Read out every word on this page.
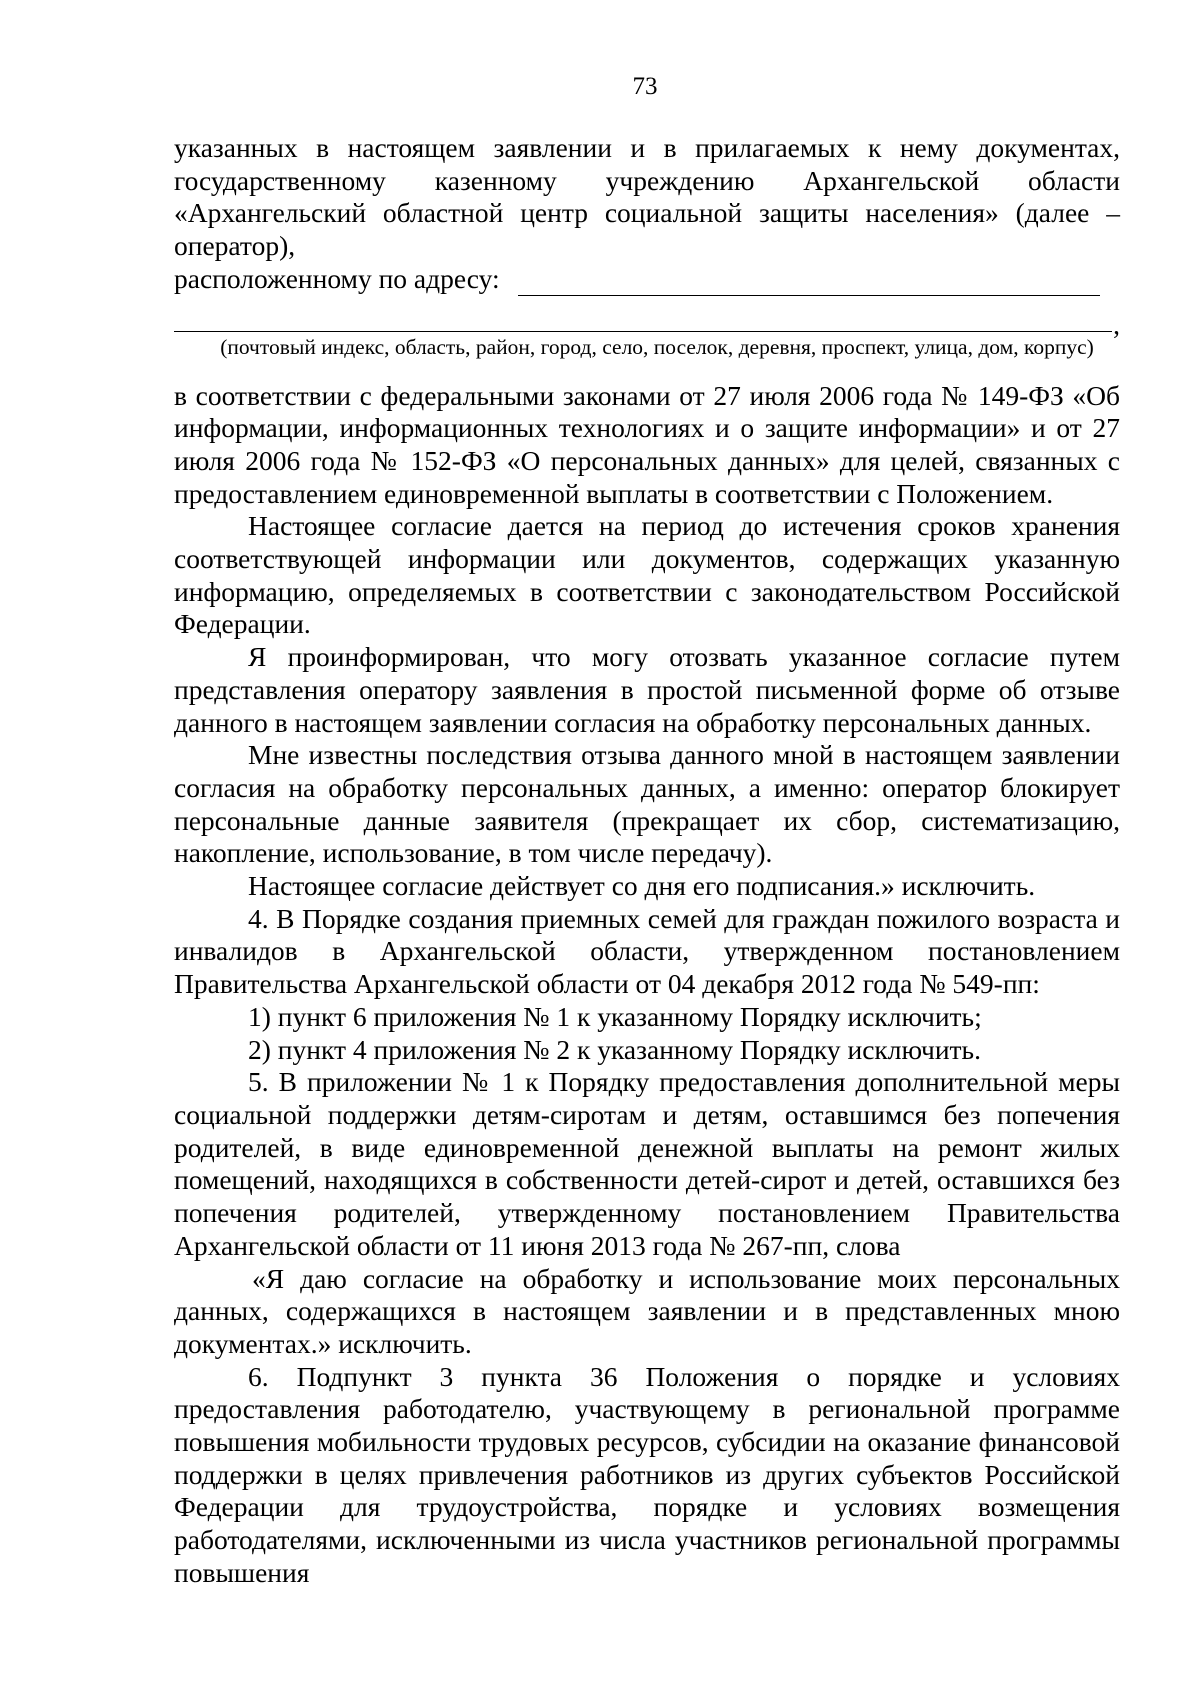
73

указанных в настоящем заявлении и в прилагаемых к нему документах, государственному казенному учреждению Архангельской области «Архангельский областной центр социальной защиты населения» (далее – оператор),

расположенному по адресу:
,
(почтовый индекс, область, район, город, село, поселок, деревня, проспект, улица, дом, корпус)

в соответствии с федеральными законами от 27 июля 2006 года № 149-ФЗ «Об информации, информационных технологиях и о защите информации» и от 27 июля 2006 года № 152-ФЗ «О персональных данных» для целей, связанных с предоставлением единовременной выплаты в соответствии с Положением.

Настоящее согласие дается на период до истечения сроков хранения соответствующей информации или документов, содержащих указанную информацию, определяемых в соответствии с законодательством Российской Федерации.

Я проинформирован, что могу отозвать указанное согласие путем представления оператору заявления в простой письменной форме об отзыве данного в настоящем заявлении согласия на обработку персональных данных.

Мне известны последствия отзыва данного мной в настоящем заявлении согласия на обработку персональных данных, а именно: оператор блокирует персональные данные заявителя (прекращает их сбор, систематизацию, накопление, использование, в том числе передачу).

Настоящее согласие действует со дня его подписания.» исключить.

4. В Порядке создания приемных семей для граждан пожилого возраста и инвалидов в Архангельской области, утвержденном постановлением Правительства Архангельской области от 04 декабря 2012 года № 549-пп:

1) пункт 6 приложения № 1 к указанному Порядку исключить;

2) пункт 4 приложения № 2 к указанному Порядку исключить.

5. В приложении № 1 к Порядку предоставления дополнительной меры социальной поддержки детям-сиротам и детям, оставшимся без попечения родителей, в виде единовременной денежной выплаты на ремонт жилых помещений, находящихся в собственности детей-сирот и детей, оставшихся без попечения родителей, утвержденному постановлением Правительства Архангельской области от 11 июня 2013 года № 267-пп, слова

«Я даю согласие на обработку и использование моих персональных данных, содержащихся в настоящем заявлении и в представленных мною документах.» исключить.

6. Подпункт 3 пункта 36 Положения о порядке и условиях предоставления работодателю, участвующему в региональной программе повышения мобильности трудовых ресурсов, субсидии на оказание финансовой поддержки в целях привлечения работников из других субъектов Российской Федерации для трудоустройства, порядке и условиях возмещения работодателями, исключенными из числа участников региональной программы повышения
